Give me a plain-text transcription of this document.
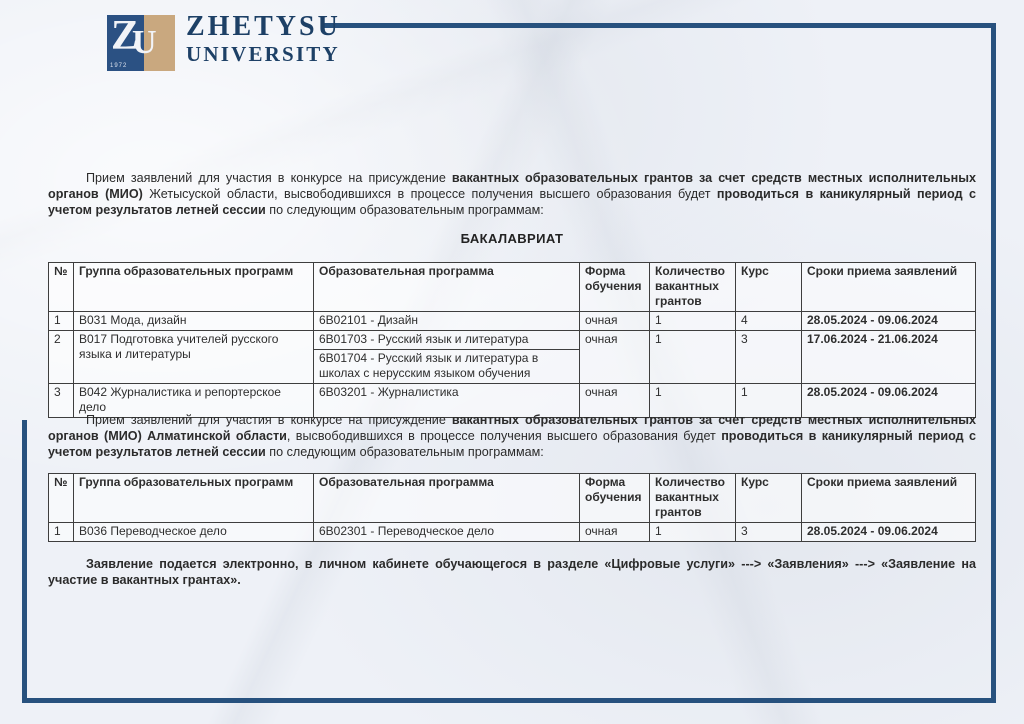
Z
U
1972
ZHETYSU
UNIVERSITY
Прием заявлений для участия в конкурсе на присуждение вакантных образовательных грантов за счет средств местных исполнительных органов (МИО) Жетысуской области, высвободившихся в процессе получения высшего образования будет проводиться в каникулярный период с учетом результатов летней сессии по следующим образовательным программам:
БАКАЛАВРИАТ
№	Группа образовательных программ	Образовательная программа	Форма обучения	Количество вакантных грантов	Курс	Сроки приема заявлений
1	B031 Мода, дизайн	6B02101 - Дизайн	очная	1	4	28.05.2024 - 09.06.2024
2	B017 Подготовка учителей русского языка и литературы	6B01703 - Русский язык и литература	очная	1	3	17.06.2024 - 21.06.2024
		6B01704 - Русский язык и литература в школах с нерусским языком обучения				
3	B042 Журналистика и репортерское дело	6B03201 - Журналистика	очная	1	1	28.05.2024 - 09.06.2024
Прием заявлений для участия в конкурсе на присуждение вакантных образовательных грантов за счет средств местных исполнительных органов (МИО) Алматинской области, высвободившихся в процессе получения высшего образования будет проводиться в каникулярный период с учетом результатов летней сессии по следующим образовательным программам:
№	Группа образовательных программ	Образовательная программа	Форма обучения	Количество вакантных грантов	Курс	Сроки приема заявлений
1	B036 Переводческое дело	6B02301 - Переводческое дело	очная	1	3	28.05.2024 - 09.06.2024
Заявление подается электронно, в личном кабинете обучающегося в разделе «Цифровые услуги» ---> «Заявления» ---> «Заявление на участие в вакантных грантах».
